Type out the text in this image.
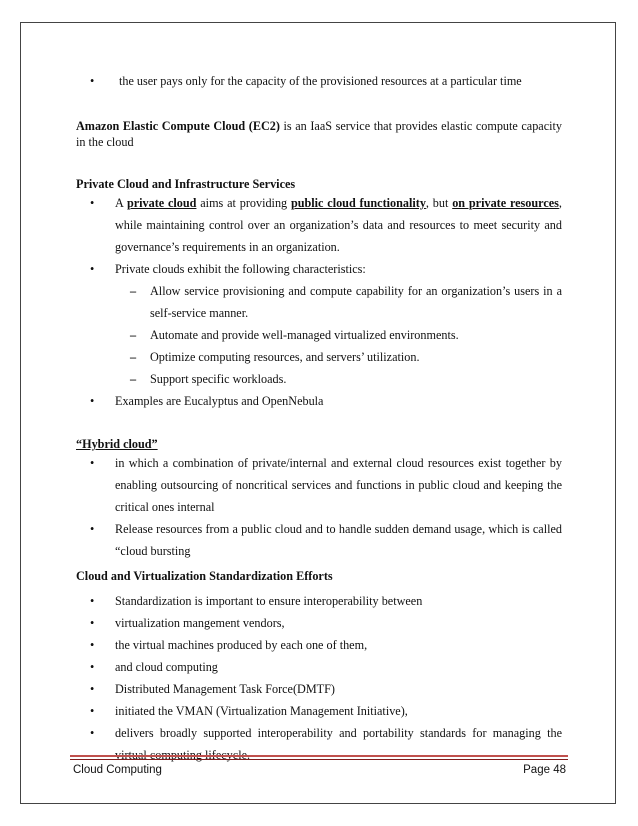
• the user pays only for the capacity of the provisioned resources at a particular time
Amazon Elastic Compute Cloud (EC2) is an IaaS service that provides elastic compute capacity in the cloud
Private Cloud and Infrastructure Services
• A private cloud aims at providing public cloud functionality, but on private resources, while maintaining control over an organization’s data and resources to meet security and governance’s requirements in an organization.
• Private clouds exhibit the following characteristics:
– Allow service provisioning and compute capability for an organization’s users in a self-service manner.
– Automate and provide well-managed virtualized environments.
– Optimize computing resources, and servers’ utilization.
– Support specific workloads.
• Examples are Eucalyptus and OpenNebula
“Hybrid cloud”
• in which a combination of private/internal and external cloud resources exist together by enabling outsourcing of noncritical services and functions in public cloud and keeping the critical ones internal
• Release resources from a public cloud and to handle sudden demand usage, which is called “cloud bursting
Cloud and Virtualization Standardization Efforts
• Standardization is important to ensure interoperability between
• virtualization mangement vendors,
• the virtual machines produced by each one of them,
• and cloud computing
• Distributed Management Task Force(DMTF)
• initiated the VMAN (Virtualization Management Initiative),
• delivers broadly supported interoperability and portability standards for managing the
Cloud Computing	Page 48
